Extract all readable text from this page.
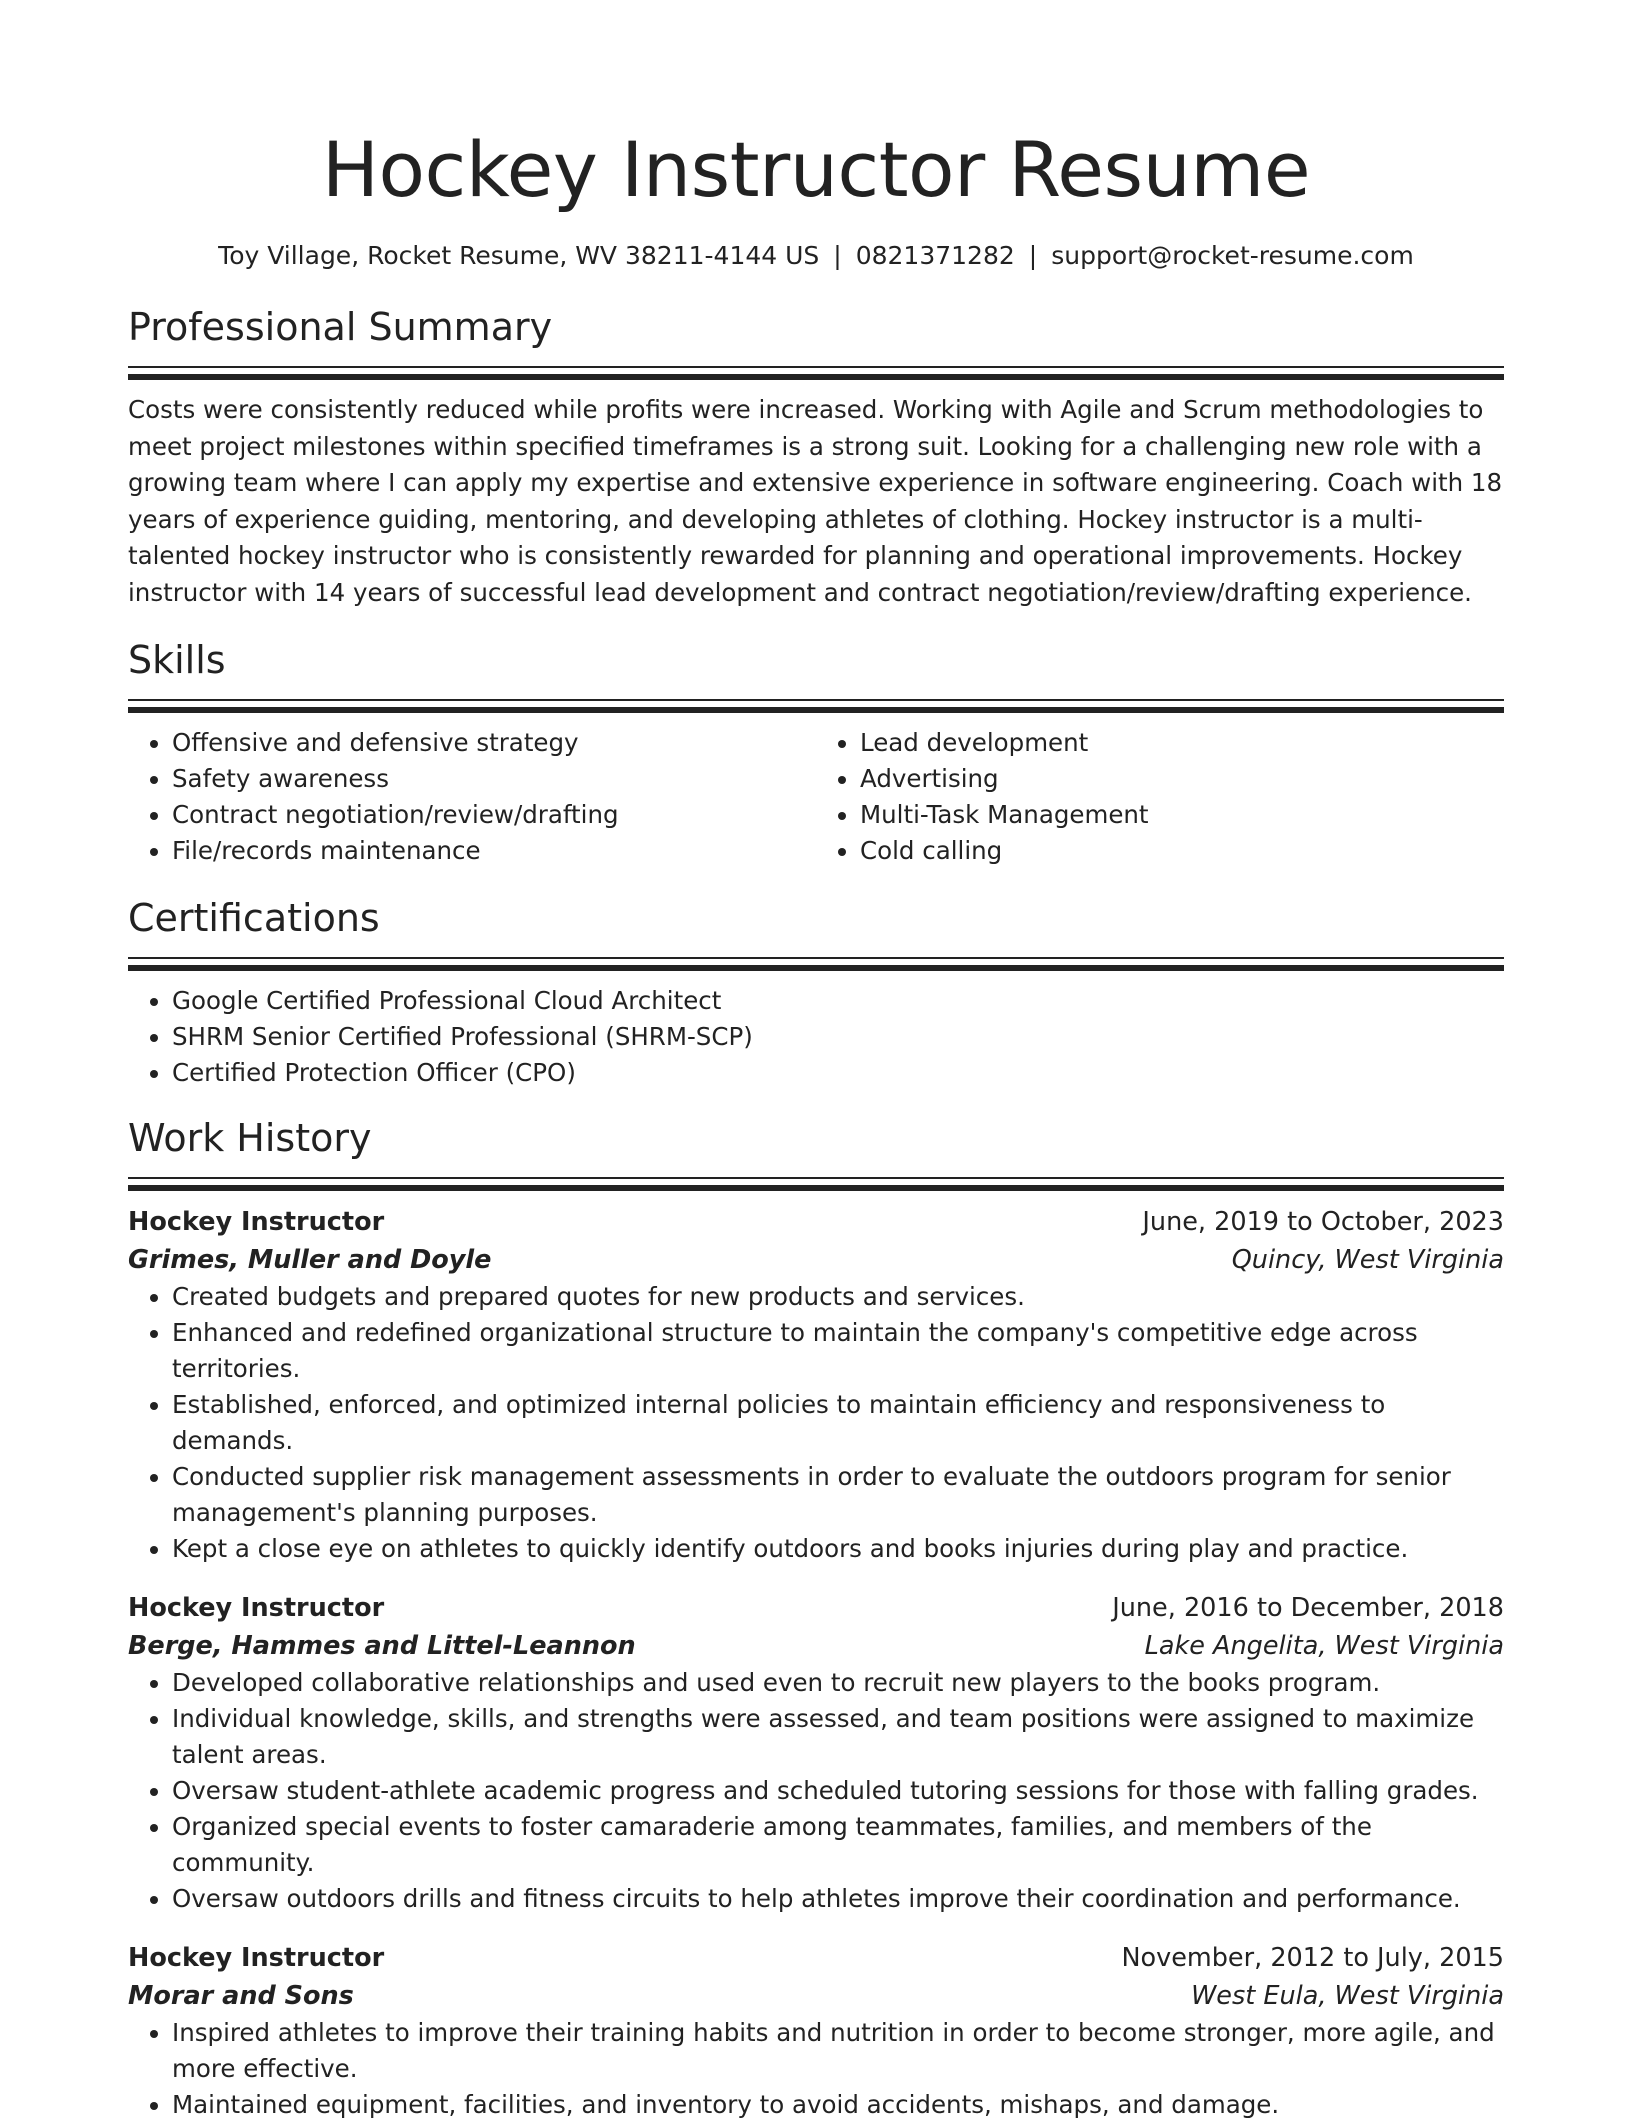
Hockey Instructor Resume
Toy Village, Rocket Resume, WV 38211-4144 US | 0821371282 | support@rocket-resume.com
Professional Summary

Costs were consistently reduced while profits were increased. Working with Agile and Scrum methodologies to meet project milestones within specified timeframes is a strong suit. Looking for a challenging new role with a growing team where I can apply my expertise and extensive experience in software engineering. Coach with 18 years of experience guiding, mentoring, and developing athletes of clothing. Hockey instructor is a multi-talented hockey instructor who is consistently rewarded for planning and operational improvements. Hockey instructor with 14 years of successful lead development and contract negotiation/review/drafting experience.

Skills
• Offensive and defensive strategy
• Safety awareness
• Contract negotiation/review/drafting
• File/records maintenance
• Lead development
• Advertising
• Multi-Task Management
• Cold calling
Certifications
• Google Certified Professional Cloud Architect
• SHRM Senior Certified Professional (SHRM-SCP)
• Certified Protection Officer (CPO)
Work History
Hockey Instructor	June, 2019 to October, 2023
Grimes, Muller and Doyle	Quincy, West Virginia
• Created budgets and prepared quotes for new products and services.
• Enhanced and redefined organizational structure to maintain the company's competitive edge across territories.
• Established, enforced, and optimized internal policies to maintain efficiency and responsiveness to demands.
• Conducted supplier risk management assessments in order to evaluate the outdoors program for senior management's planning purposes.
• Kept a close eye on athletes to quickly identify outdoors and books injuries during play and practice.
Hockey Instructor	June, 2016 to December, 2018
Berge, Hammes and Littel-Leannon	Lake Angelita, West Virginia
• Developed collaborative relationships and used even to recruit new players to the books program.
• Individual knowledge, skills, and strengths were assessed, and team positions were assigned to maximize talent areas.
• Oversaw student-athlete academic progress and scheduled tutoring sessions for those with falling grades.
• Organized special events to foster camaraderie among teammates, families, and members of the community.
• Oversaw outdoors drills and fitness circuits to help athletes improve their coordination and performance.
Hockey Instructor	November, 2012 to July, 2015
Morar and Sons	West Eula, West Virginia
• Inspired athletes to improve their training habits and nutrition in order to become stronger, more agile, and more effective.
• Maintained equipment, facilities, and inventory to avoid accidents, mishaps, and damage.
